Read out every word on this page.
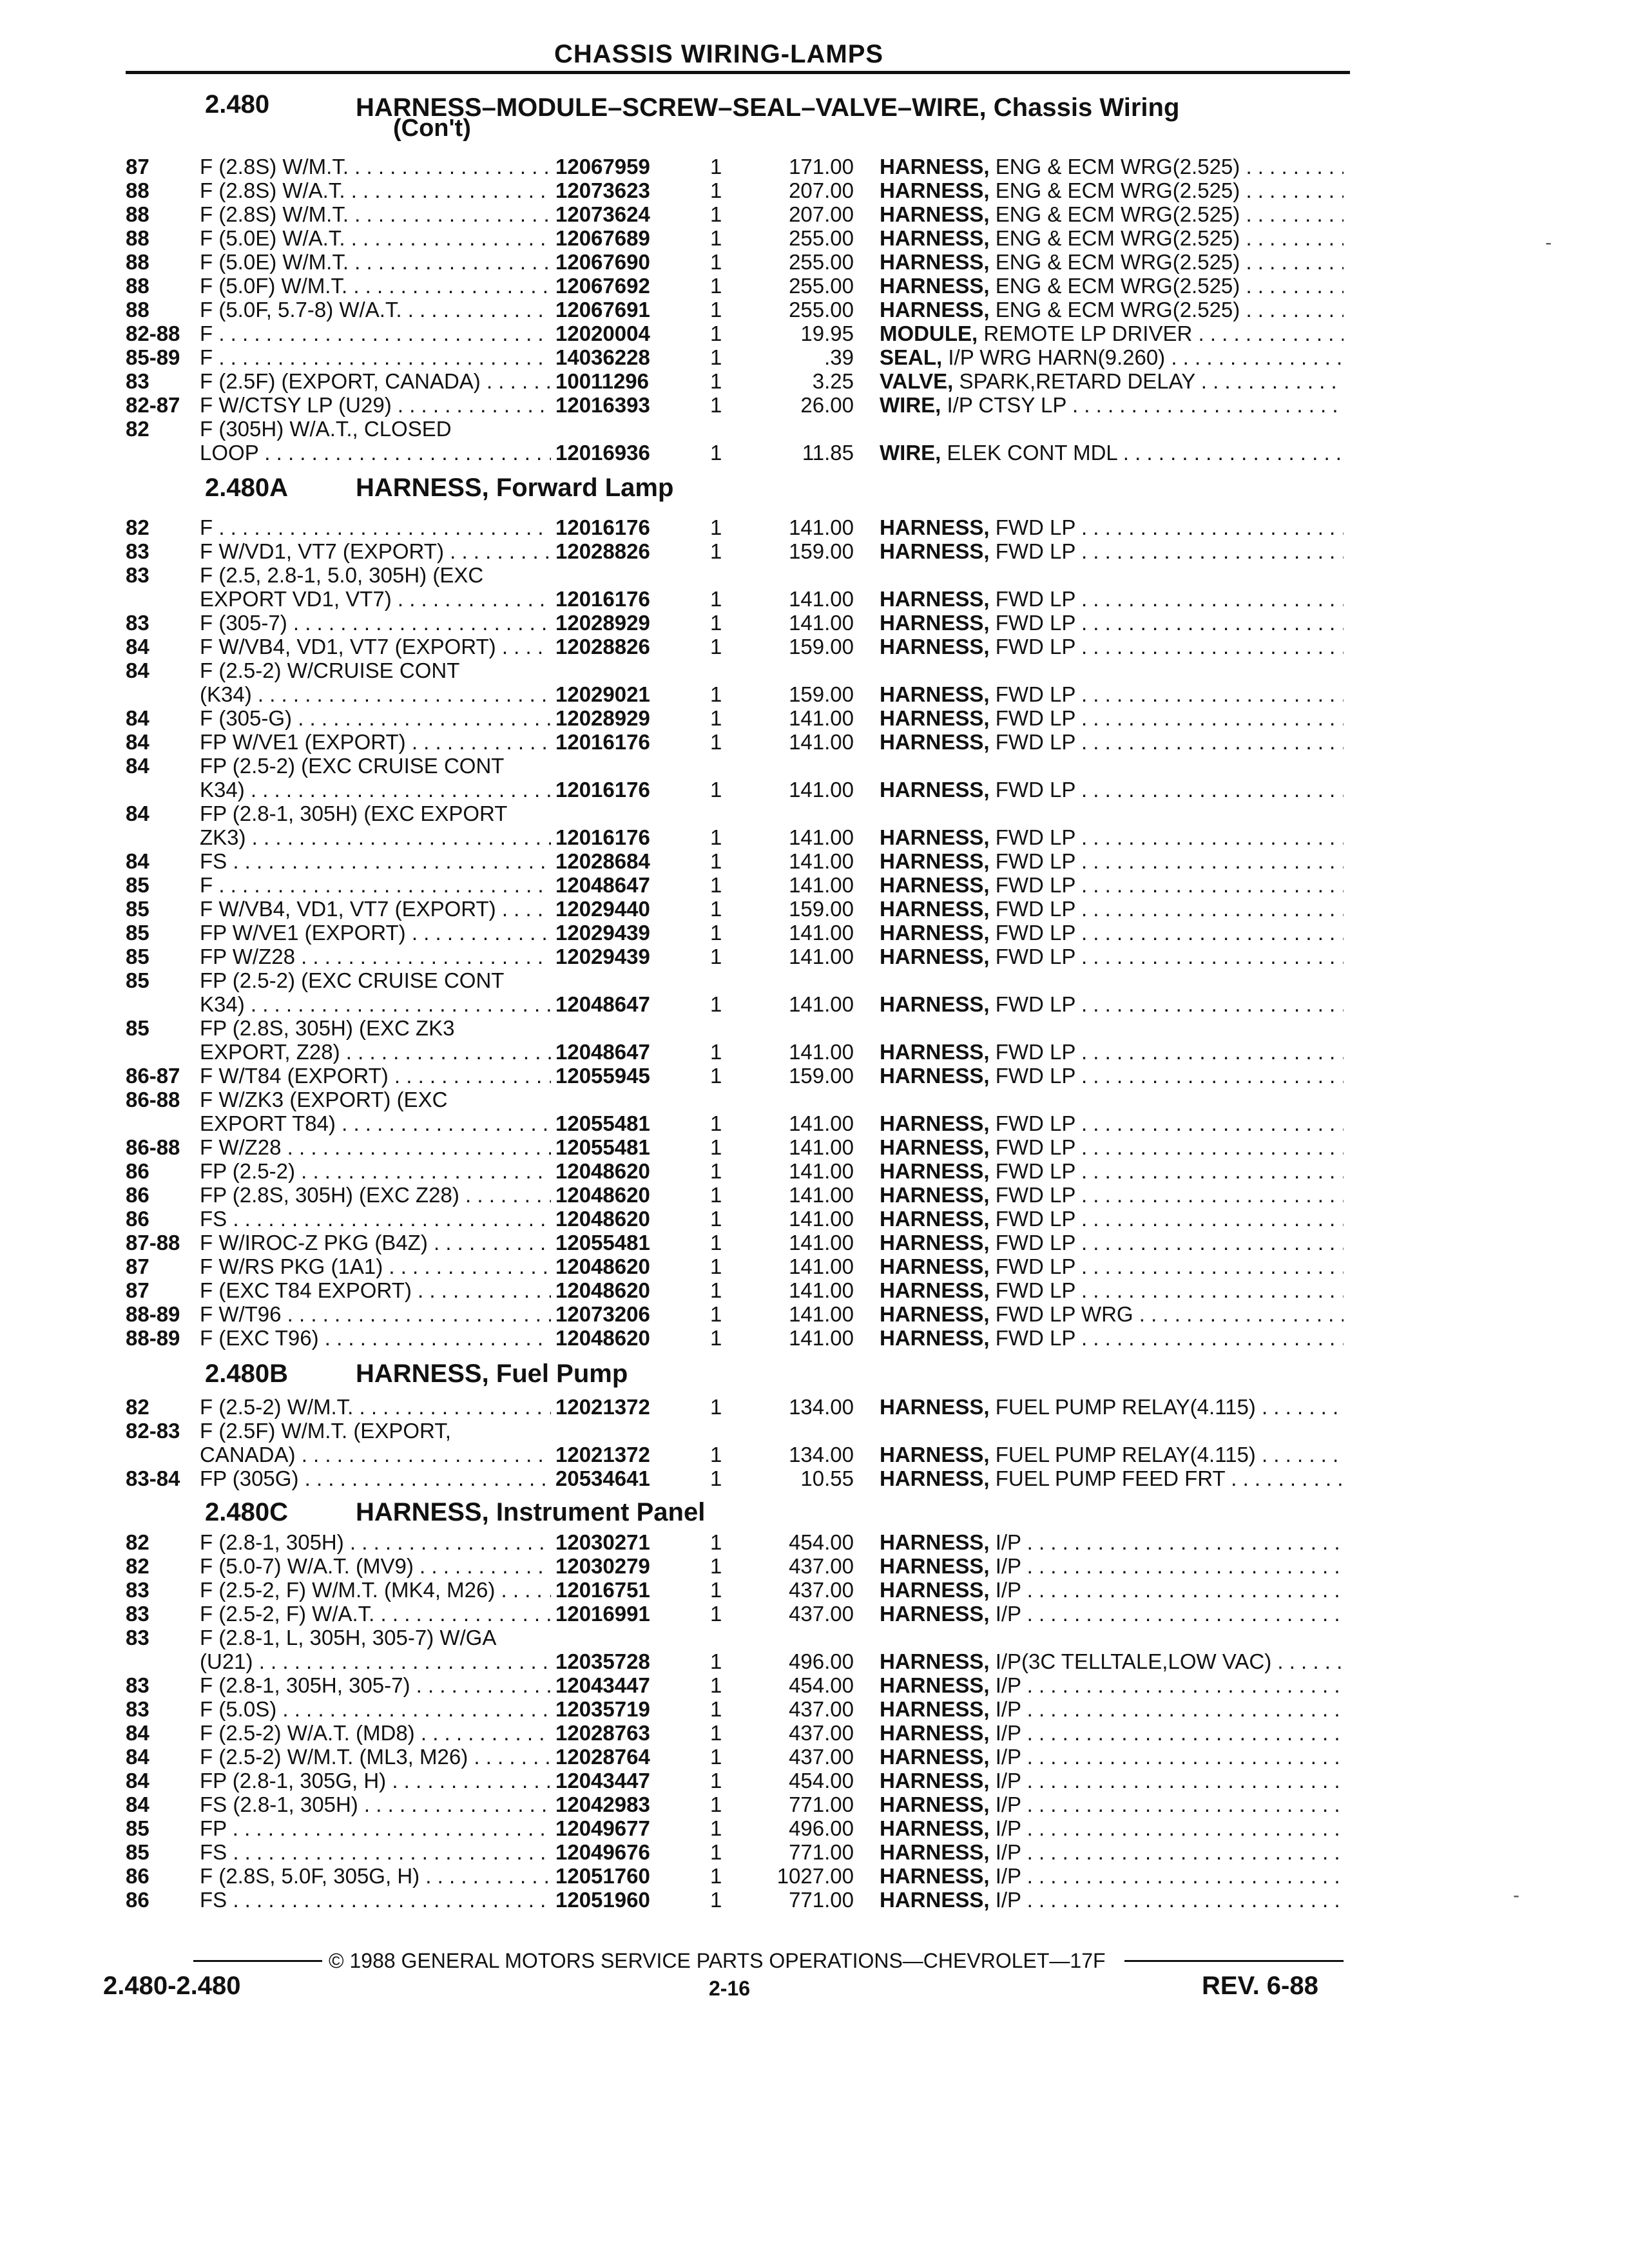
CHASSIS WIRING-LAMPS
2.480	HARNESS–MODULE–SCREW–SEAL–VALVE–WIRE, Chassis Wiring
(Con't)
2.480A	HARNESS, Forward Lamp
2.480B	HARNESS, Fuel Pump
2.480C	HARNESS, Instrument Panel
87 F (2.8S) W/M.T. . . .	12067959	1	171.00 HARNESS, ENG & ECM WRG(2.525) . . .
88 F (2.8S) W/A.T. . . .	12073623	1	207.00 HARNESS, ENG & ECM WRG(2.525) . . .
88 F (2.8S) W/M.T. . . .	12073624	1	207.00 HARNESS, ENG & ECM WRG(2.525) . . .
88 F (5.0E) W/A.T. . . .	12067689	1	255.00 HARNESS, ENG & ECM WRG(2.525) . . .
88 F (5.0E) W/M.T. . . .	12067690	1	255.00 HARNESS, ENG & ECM WRG(2.525) . . .
88 F (5.0F) W/M.T. . . .	12067692	1	255.00 HARNESS, ENG & ECM WRG(2.525) . . .
88 F (5.0F, 5.7-8) W/A.T. . . .	12067691	1	255.00 HARNESS, ENG & ECM WRG(2.525) . . .
82-88 F . . .	12020004	1	19.95 MODULE, REMOTE LP DRIVER . . .
85-89 F . . .	14036228	1	.39 SEAL, I/P WRG HARN(9.260) . . .
83 F (2.5F) (EXPORT, CANADA) . . .	10011296	1	3.25 VALVE, SPARK,RETARD DELAY . . .
82-87 F W/CTSY LP (U29) . . .	12016393	1	26.00 WIRE, I/P CTSY LP . . .
82 F (305H) W/A.T., CLOSED
LOOP . . .	12016936	1	11.85 WIRE, ELEK CONT MDL . . .
82 F . . .	12016176	1	141.00 HARNESS, FWD LP . . .
83 F W/VD1, VT7 (EXPORT) . . .	12028826	1	159.00 HARNESS, FWD LP . . .
83 F (2.5, 2.8-1, 5.0, 305H) (EXC
EXPORT VD1, VT7) . . .	12016176	1	141.00 HARNESS, FWD LP . . .
83 F (305-7) . . .	12028929	1	141.00 HARNESS, FWD LP . . .
84 F W/VB4, VD1, VT7 (EXPORT) . . .	12028826	1	159.00 HARNESS, FWD LP . . .
84 F (2.5-2) W/CRUISE CONT
(K34) . . .	12029021	1	159.00 HARNESS, FWD LP . . .
84 F (305-G) . . .	12028929	1	141.00 HARNESS, FWD LP . . .
84 FP W/VE1 (EXPORT) . . .	12016176	1	141.00 HARNESS, FWD LP . . .
84 FP (2.5-2) (EXC CRUISE CONT
K34) . . .	12016176	1	141.00 HARNESS, FWD LP . . .
84 FP (2.8-1, 305H) (EXC EXPORT
ZK3) . . .	12016176	1	141.00 HARNESS, FWD LP . . .
84 FS . . .	12028684	1	141.00 HARNESS, FWD LP . . .
85 F . . .	12048647	1	141.00 HARNESS, FWD LP . . .
85 F W/VB4, VD1, VT7 (EXPORT) . . .	12029440	1	159.00 HARNESS, FWD LP . . .
85 FP W/VE1 (EXPORT) . . .	12029439	1	141.00 HARNESS, FWD LP . . .
85 FP W/Z28 . . .	12029439	1	141.00 HARNESS, FWD LP . . .
85 FP (2.5-2) (EXC CRUISE CONT
K34) . . .	12048647	1	141.00 HARNESS, FWD LP . . .
85 FP (2.8S, 305H) (EXC ZK3
EXPORT, Z28) . . .	12048647	1	141.00 HARNESS, FWD LP . . .
86-87 F W/T84 (EXPORT) . . .	12055945	1	159.00 HARNESS, FWD LP . . .
86-88 F W/ZK3 (EXPORT) (EXC
EXPORT T84) . . .	12055481	1	141.00 HARNESS, FWD LP . . .
86-88 F W/Z28 . . .	12055481	1	141.00 HARNESS, FWD LP . . .
86 FP (2.5-2) . . .	12048620	1	141.00 HARNESS, FWD LP . . .
86 FP (2.8S, 305H) (EXC Z28) . . .	12048620	1	141.00 HARNESS, FWD LP . . .
86 FS . . .	12048620	1	141.00 HARNESS, FWD LP . . .
87-88 F W/IROC-Z PKG (B4Z) . . .	12055481	1	141.00 HARNESS, FWD LP . . .
87 F W/RS PKG (1A1) . . .	12048620	1	141.00 HARNESS, FWD LP . . .
87 F (EXC T84 EXPORT) . . .	12048620	1	141.00 HARNESS, FWD LP . . .
88-89 F W/T96 . . .	12073206	1	141.00 HARNESS, FWD LP WRG . . .
88-89 F (EXC T96) . . .	12048620	1	141.00 HARNESS, FWD LP . . .
82 F (2.5-2) W/M.T. . . .	12021372	1	134.00 HARNESS, FUEL PUMP RELAY(4.115) . . .
82-83 F (2.5F) W/M.T. (EXPORT,
CANADA) . . .	12021372	1	134.00 HARNESS, FUEL PUMP RELAY(4.115) . . .
83-84 FP (305G) . . .	20534641	1	10.55 HARNESS, FUEL PUMP FEED FRT . . .
82 F (2.8-1, 305H) . . .	12030271	1	454.00 HARNESS, I/P . . .
82 F (5.0-7) W/A.T. (MV9) . . .	12030279	1	437.00 HARNESS, I/P . . .
83 F (2.5-2, F) W/M.T. (MK4, M26) . . .	12016751	1	437.00 HARNESS, I/P . . .
83 F (2.5-2, F) W/A.T. . . .	12016991	1	437.00 HARNESS, I/P . . .
83 F (2.8-1, L, 305H, 305-7) W/GA
(U21) . . .	12035728	1	496.00 HARNESS, I/P(3C TELLTALE,LOW VAC) . . .
83 F (2.8-1, 305H, 305-7) . . .	12043447	1	454.00 HARNESS, I/P . . .
83 F (5.0S) . . .	12035719	1	437.00 HARNESS, I/P . . .
84 F (2.5-2) W/A.T. (MD8) . . .	12028763	1	437.00 HARNESS, I/P . . .
84 F (2.5-2) W/M.T. (ML3, M26) . . .	12028764	1	437.00 HARNESS, I/P . . .
84 FP (2.8-1, 305G, H) . . .	12043447	1	454.00 HARNESS, I/P . . .
84 FS (2.8-1, 305H) . . .	12042983	1	771.00 HARNESS, I/P . . .
85 FP . . .	12049677	1	496.00 HARNESS, I/P . . .
85 FS . . .	12049676	1	771.00 HARNESS, I/P . . .
86 F (2.8S, 5.0F, 305G, H) . . .	12051760	1	1027.00 HARNESS, I/P . . .
86 FS . . .	12051960	1	771.00 HARNESS, I/P . . .
© 1988 GENERAL MOTORS SERVICE PARTS OPERATIONS—CHEVROLET—17F
2.480-2.480	2-16	REV. 6-88
-
-
